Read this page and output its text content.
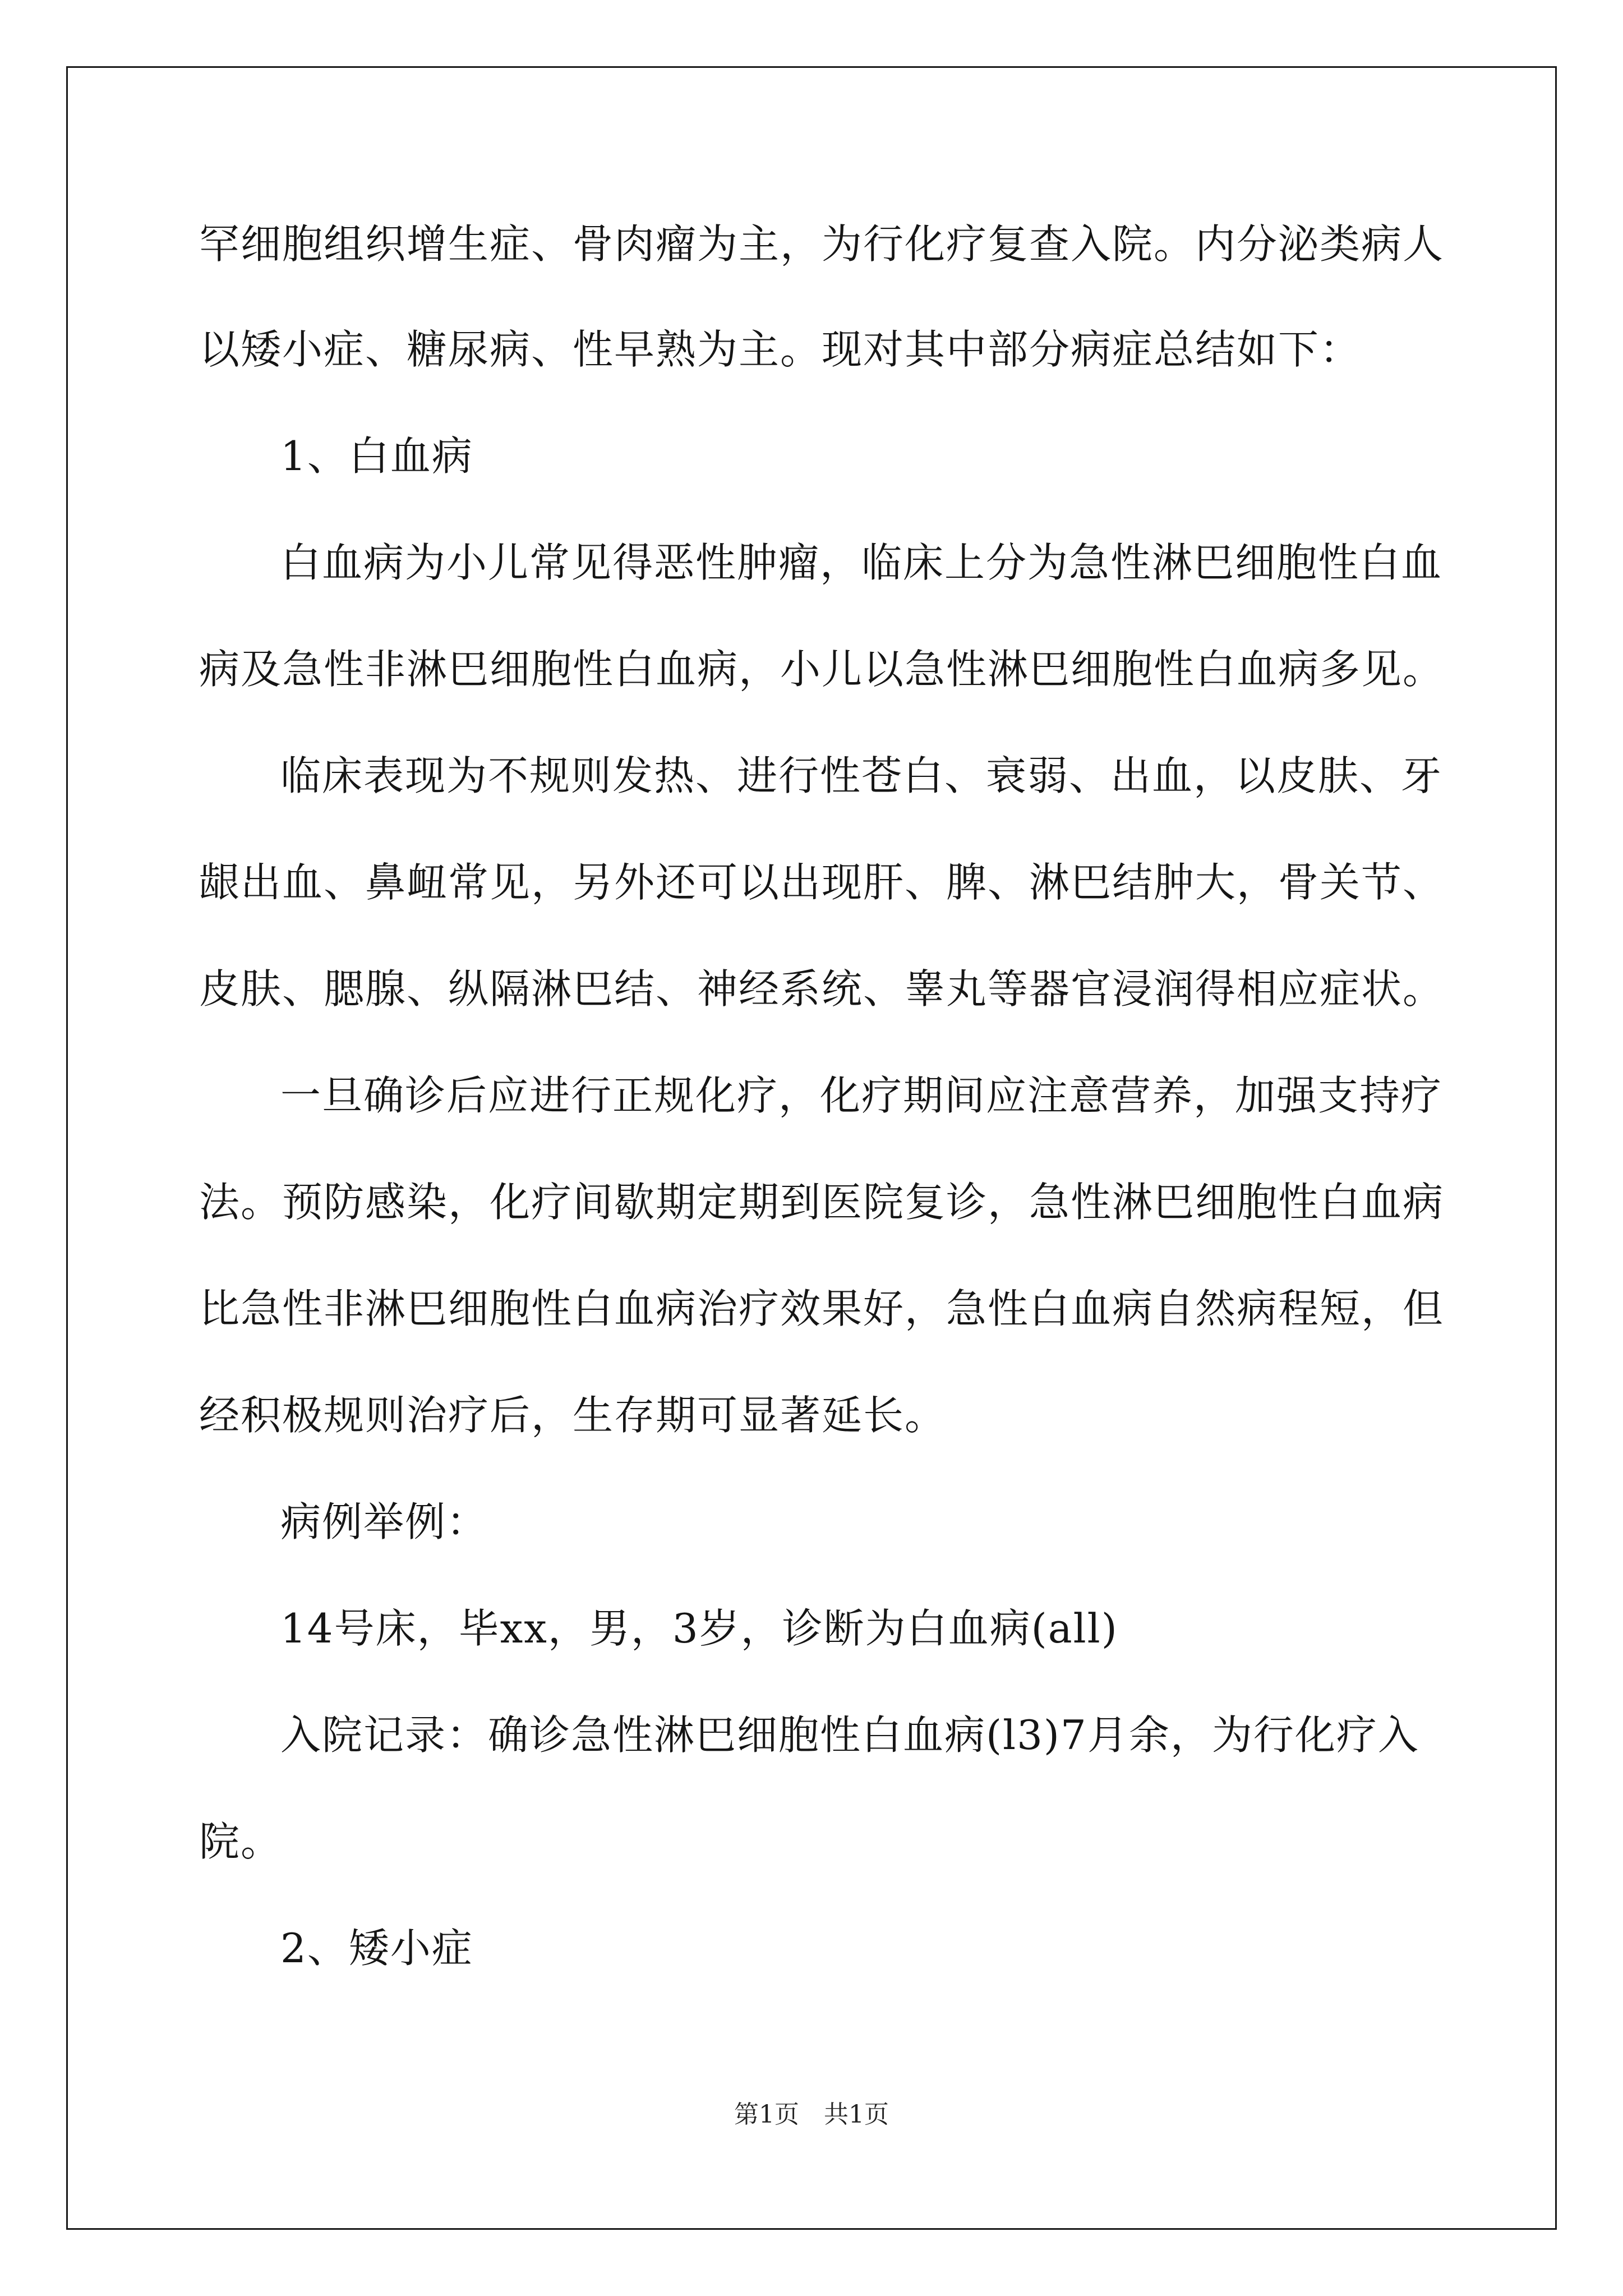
罕细胞组织增生症、骨肉瘤为主，为行化疗复查入院。内分泌类病人
以矮小症、糖尿病、性早熟为主。现对其中部分病症总结如下：
1、白血病
白血病为小儿常见得恶性肿瘤，临床上分为急性淋巴细胞性白血
病及急性非淋巴细胞性白血病，小儿以急性淋巴细胞性白血病多见。
临床表现为不规则发热、进行性苍白、衰弱、出血，以皮肤、牙
龈出血、鼻衄常见，另外还可以出现肝、脾、淋巴结肿大，骨关节、
皮肤、腮腺、纵隔淋巴结、神经系统、睾丸等器官浸润得相应症状。
一旦确诊后应进行正规化疗，化疗期间应注意营养，加强支持疗
法。预防感染，化疗间歇期定期到医院复诊，急性淋巴细胞性白血病
比急性非淋巴细胞性白血病治疗效果好，急性白血病自然病程短，但
经积极规则治疗后，生存期可显著延长。
病例举例：
14号床，毕xx，男，3岁，诊断为白血病(all)
入院记录：确诊急性淋巴细胞性白血病(l3)7月余，为行化疗入
院。
2、矮小症
第1页 共1页
